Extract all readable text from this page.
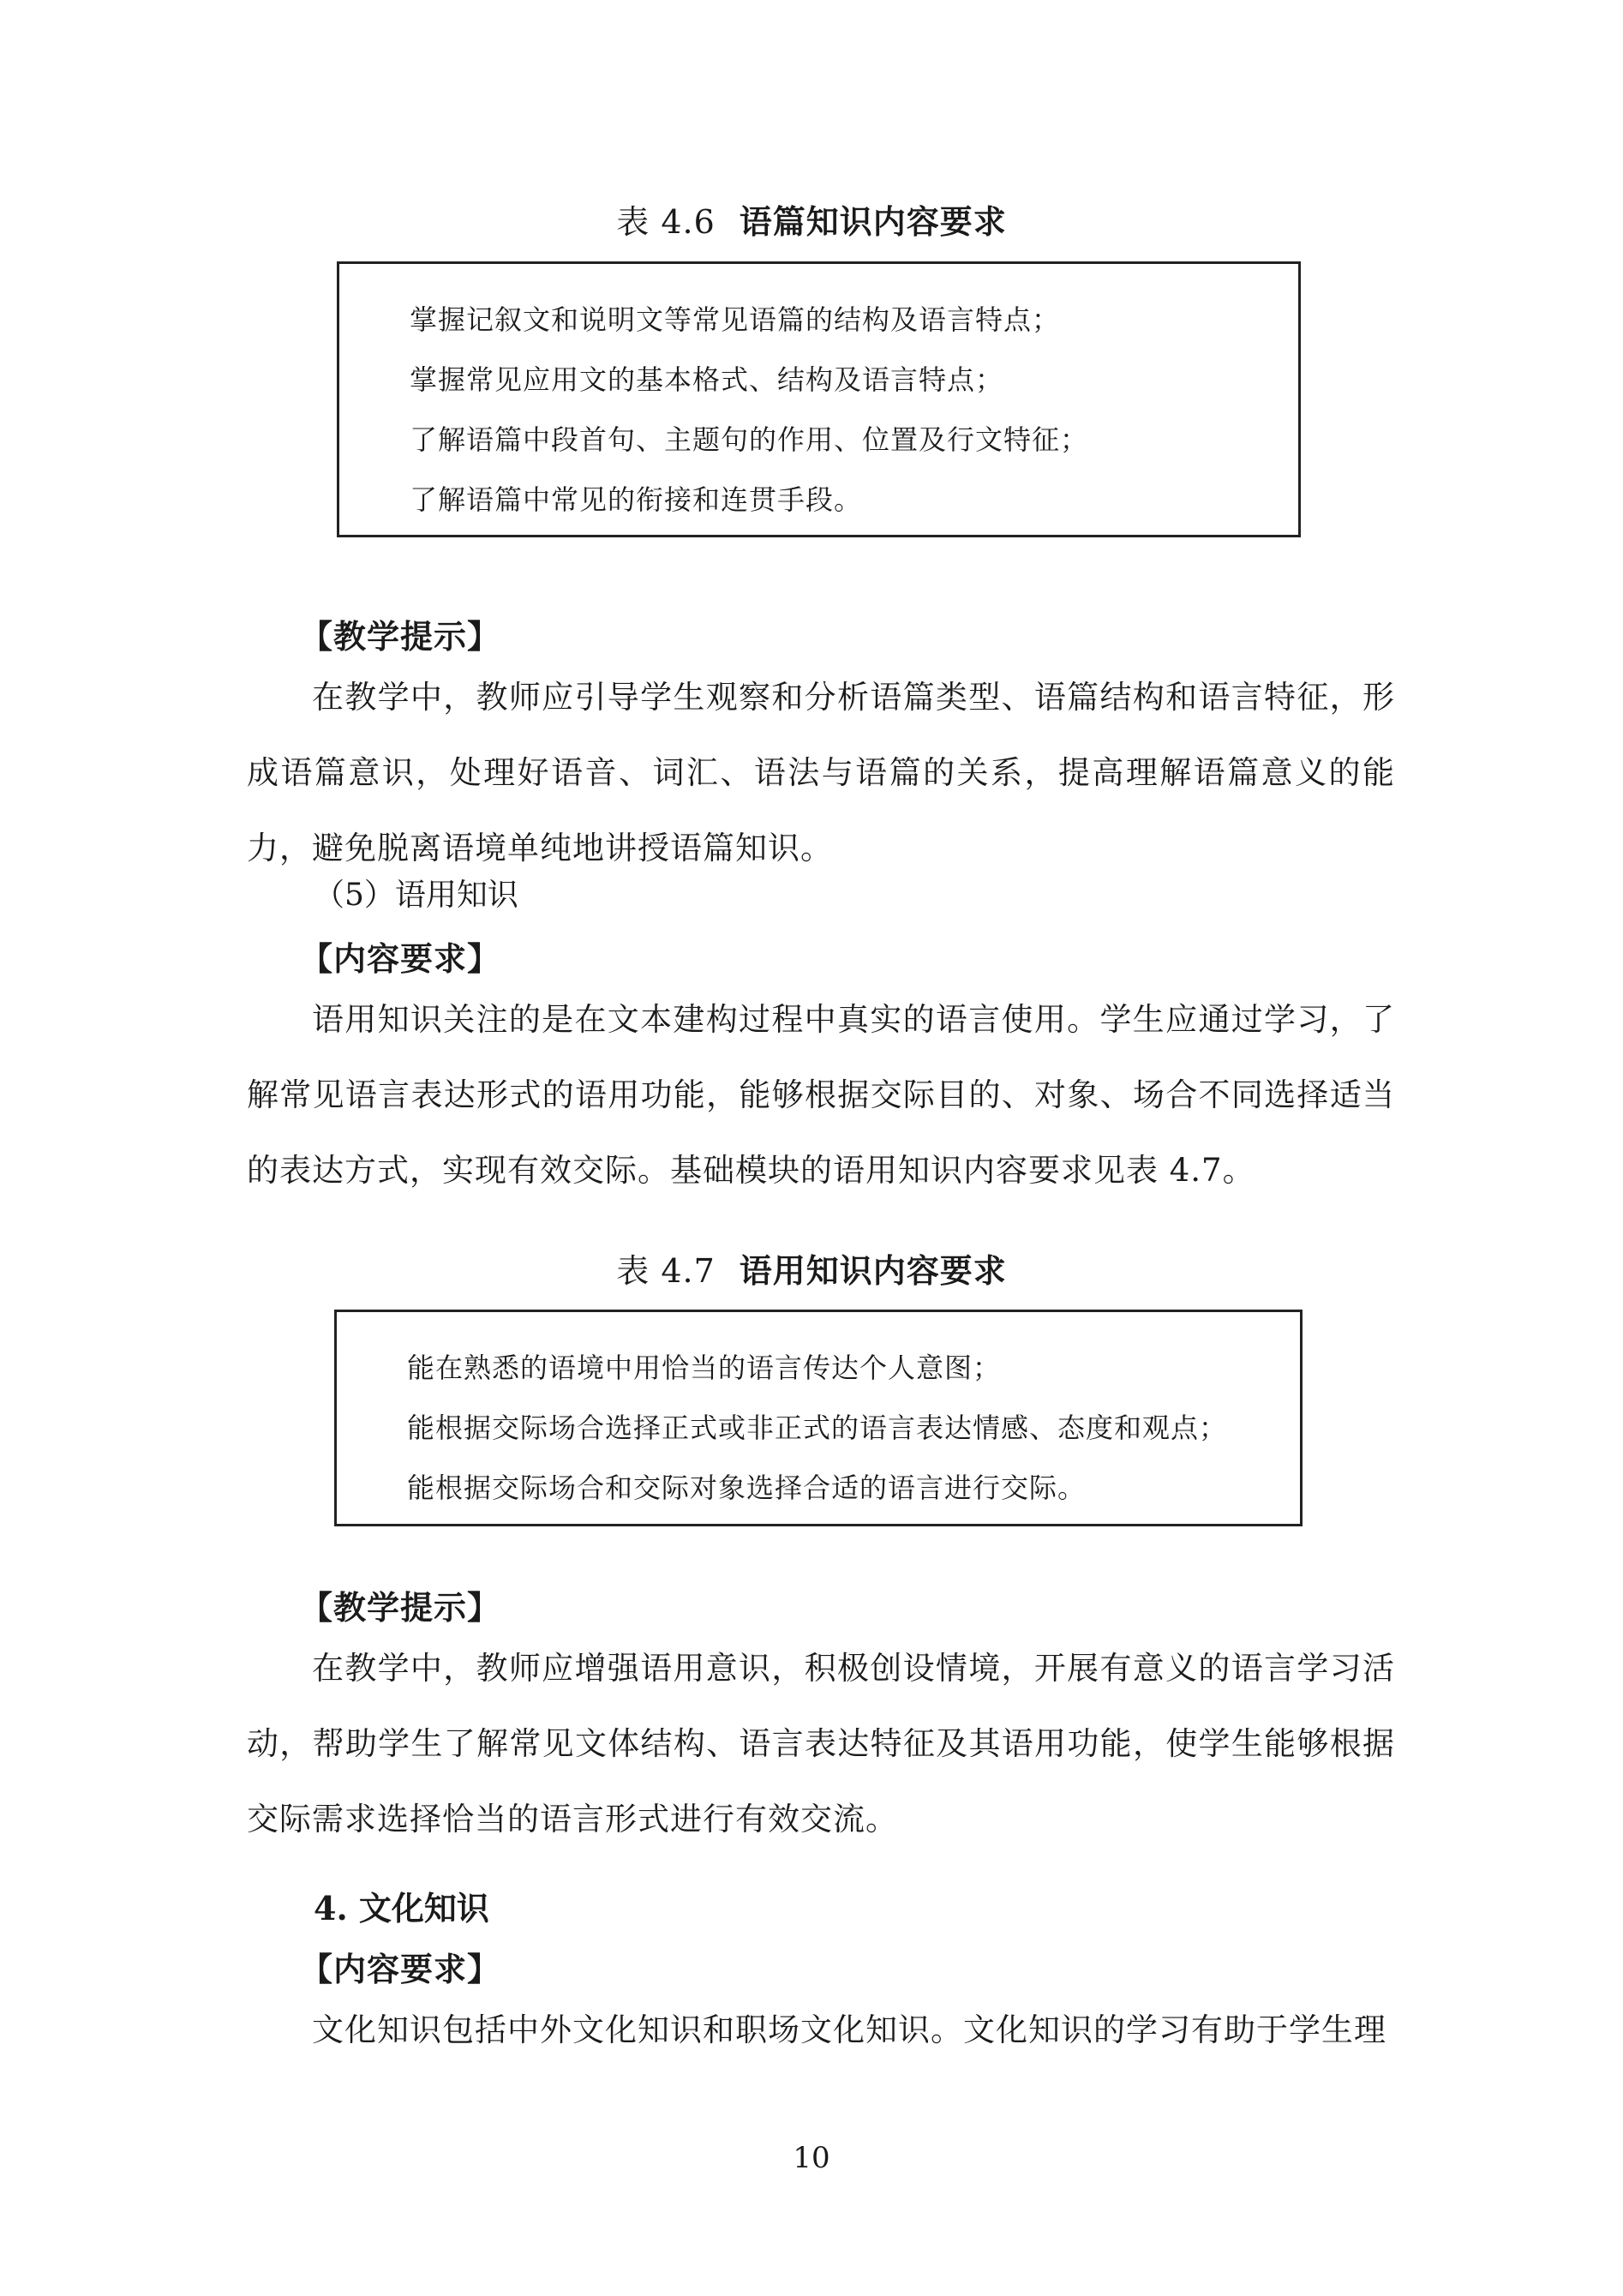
表 4.6 语篇知识内容要求
掌握记叙文和说明文等常见语篇的结构及语言特点；
掌握常见应用文的基本格式、结构及语言特点；
了解语篇中段首句、主题句的作用、位置及行文特征；
了解语篇中常见的衔接和连贯手段。
【教学提示】
在教学中，教师应引导学生观察和分析语篇类型、语篇结构和语言特征，形成语篇意识，处理好语音、词汇、语法与语篇的关系，提高理解语篇意义的能力，避免脱离语境单纯地讲授语篇知识。
（5）语用知识
【内容要求】
语用知识关注的是在文本建构过程中真实的语言使用。学生应通过学习，了解常见语言表达形式的语用功能，能够根据交际目的、对象、场合不同选择适当的表达方式，实现有效交际。基础模块的语用知识内容要求见表 4.7。
表 4.7 语用知识内容要求
能在熟悉的语境中用恰当的语言传达个人意图；
能根据交际场合选择正式或非正式的语言表达情感、态度和观点；
能根据交际场合和交际对象选择合适的语言进行交际。
【教学提示】
在教学中，教师应增强语用意识，积极创设情境，开展有意义的语言学习活动，帮助学生了解常见文体结构、语言表达特征及其语用功能，使学生能够根据交际需求选择恰当的语言形式进行有效交流。
4. 文化知识
【内容要求】
文化知识包括中外文化知识和职场文化知识。文化知识的学习有助于学生理
10
